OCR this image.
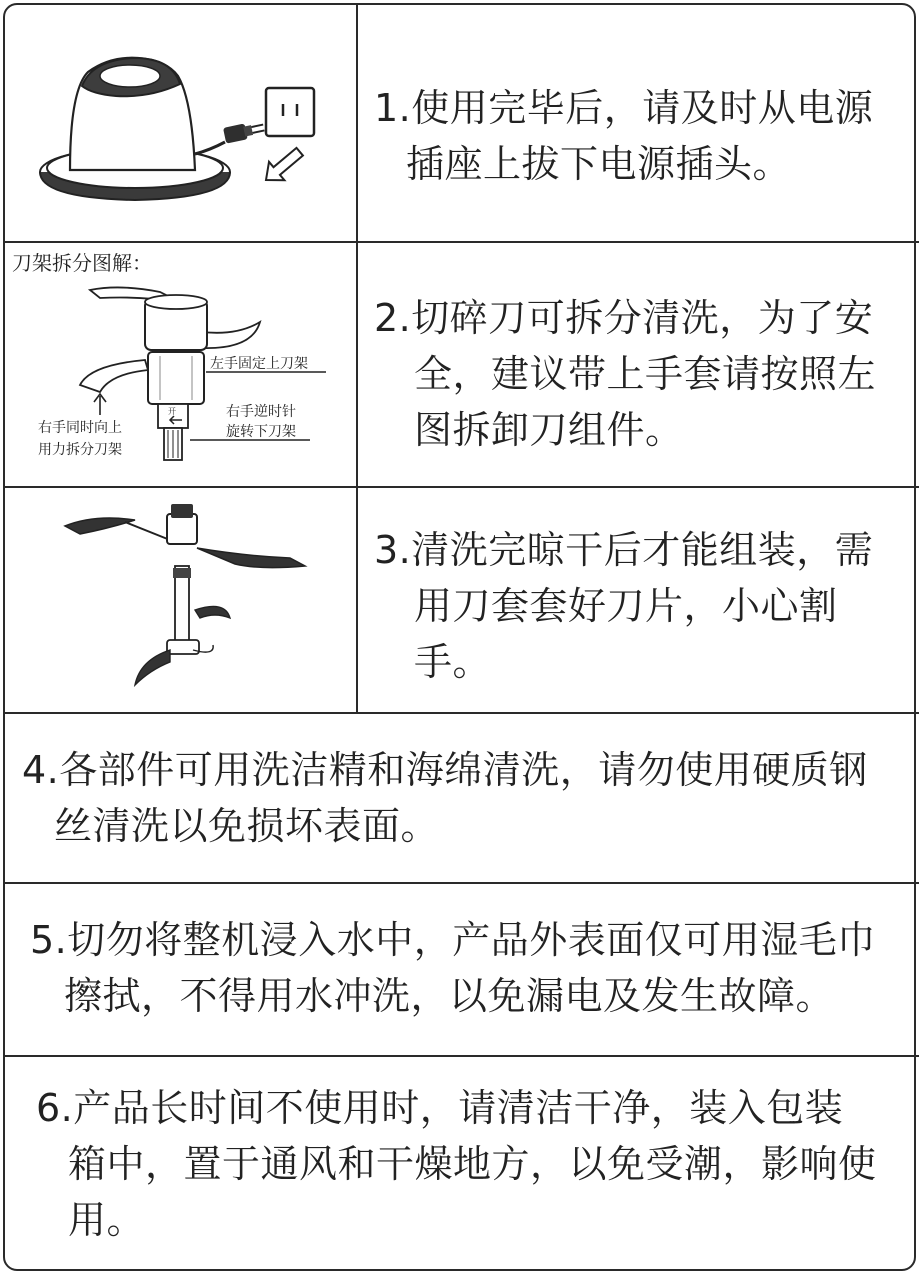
刀架拆分图解：
开
左手固定上刀架
右手逆时针
旋转下刀架
右手同时向上
用力拆分刀架
1.使用完毕后，请及时从电源
插座上拔下电源插头。
2.切碎刀可拆分清洗，为了安
全，建议带上手套请按照左
图拆卸刀组件。
3.清洗完晾干后才能组装，需
用刀套套好刀片，小心割
手。
4.各部件可用洗洁精和海绵清洗，请勿使用硬质钢
丝清洗以免损坏表面。
5.切勿将整机浸入水中，产品外表面仅可用湿毛巾
擦拭，不得用水冲洗，以免漏电及发生故障。
6.产品长时间不使用时，请清洁干净，装入包装
箱中，置于通风和干燥地方，以免受潮，影响使
用。
